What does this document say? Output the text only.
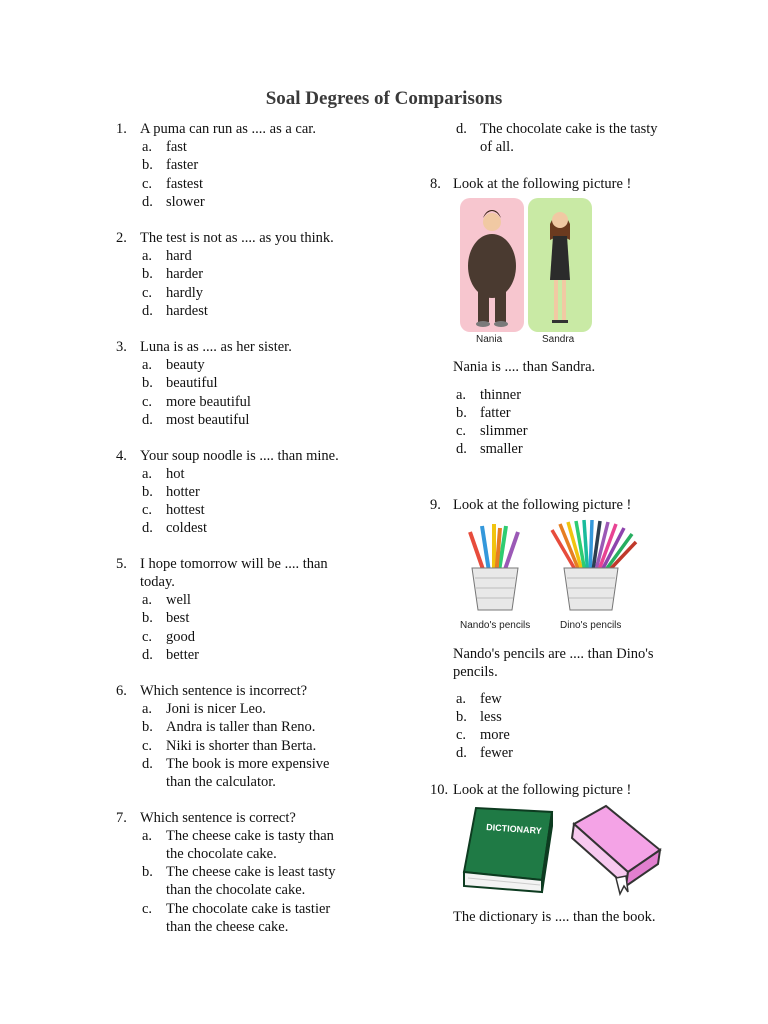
Soal Degrees of Comparisons
1. A puma can run as .... as a car.
a. fast
b. faster
c. fastest
d. slower
2. The test is not as .... as you think.
a. hard
b. harder
c. hardly
d. hardest
3. Luna is as .... as her sister.
a. beauty
b. beautiful
c. more beautiful
d. most beautiful
4. Your soup noodle is .... than mine.
a. hot
b. hotter
c. hottest
d. coldest
5. I hope tomorrow will be .... than
today.
a. well
b. best
c. good
d. better
6. Which sentence is incorrect?
a. Joni is nicer Leo.
b. Andra is taller than Reno.
c. Niki is shorter than Berta.
d. The book is more expensive
than the calculator.
7. Which sentence is correct?
a. The cheese cake is tasty than
the chocolate cake.
b. The cheese cake is least tasty
than the chocolate cake.
c. The chocolate cake is tastier
than the cheese cake.
d. The chocolate cake is the tasty
of all.
8. Look at the following picture !
Nania	Sandra
Nania is .... than Sandra.
a. thinner
b. fatter
c. slimmer
d. smaller
9. Look at the following picture !
Nando's pencils	Dino's pencils
Nando's pencils are .... than Dino's
pencils.
a. few
b. less
c. more
d. fewer
10. Look at the following picture !
DICTIONARY
The dictionary is .... than the book.
